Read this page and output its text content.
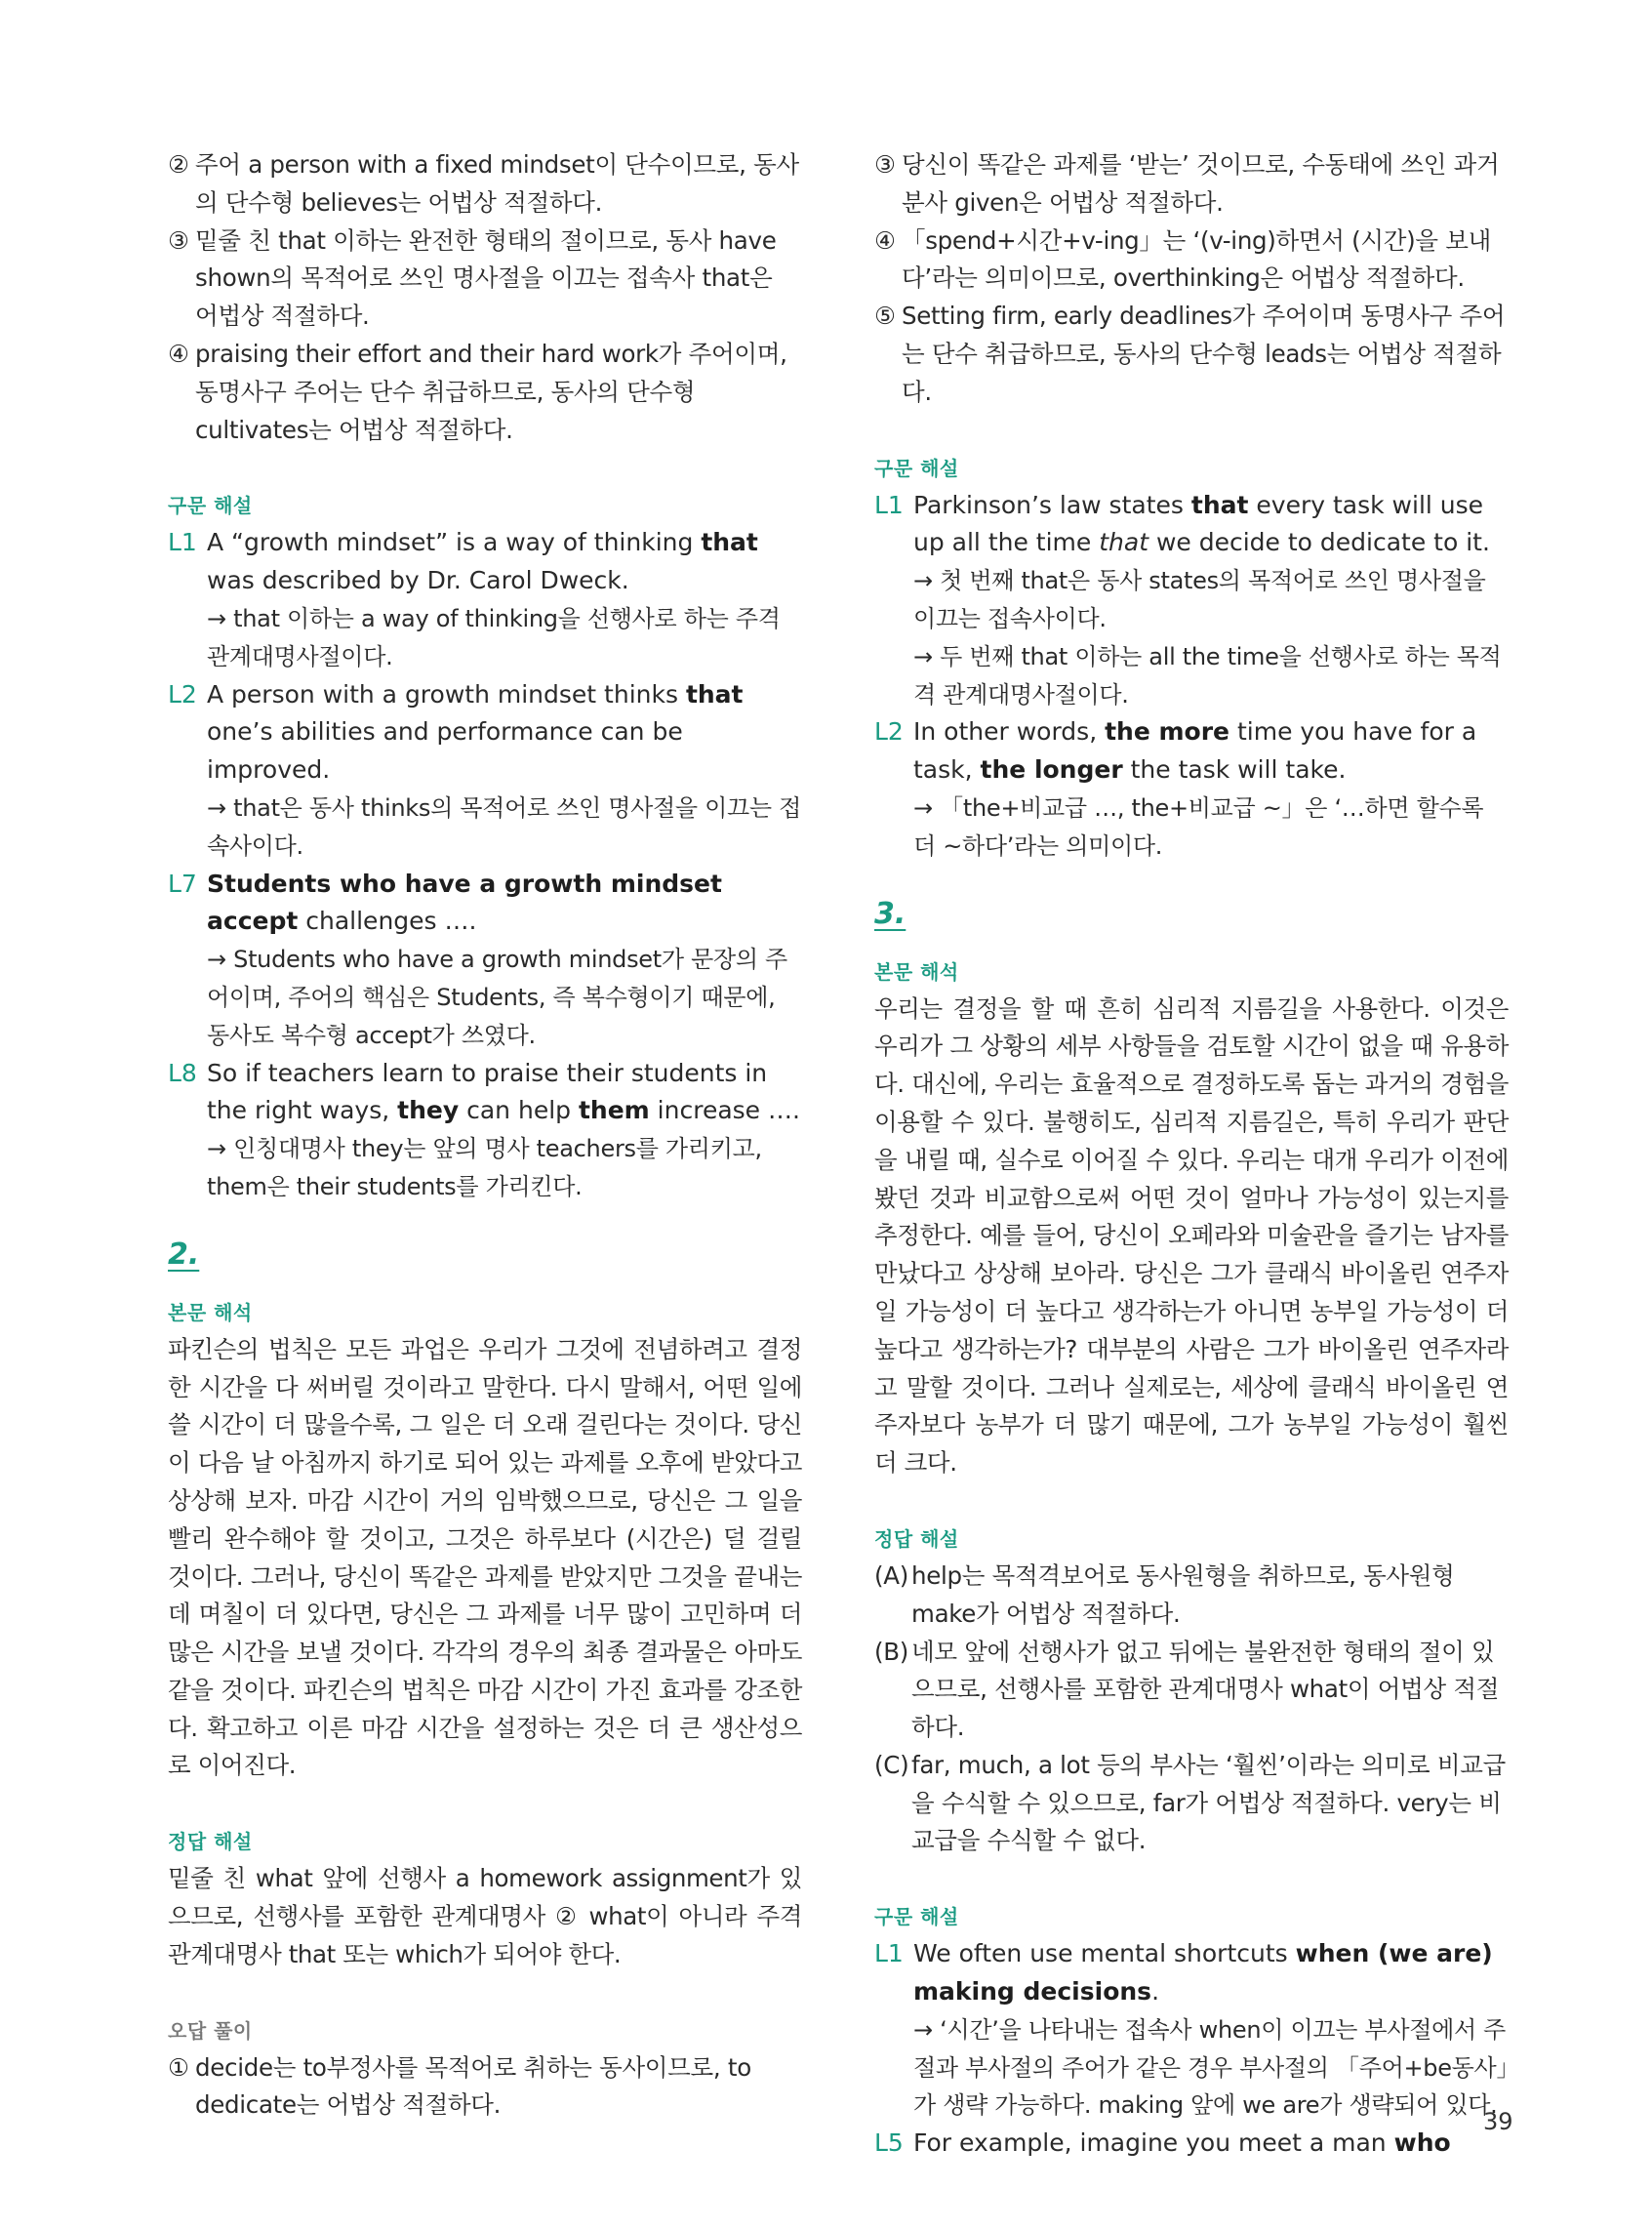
② 주어 a person with a fixed mindset이 단수이므로, 동사의 단수형 believes는 어법상 적절하다.
③ 밑줄 친 that 이하는 완전한 형태의 절이므로, 동사 have shown의 목적어로 쓰인 명사절을 이끄는 접속사 that은 어법상 적절하다.
④ praising their effort and their hard work가 주어이며, 동명사구 주어는 단수 취급하므로, 동사의 단수형 cultivates는 어법상 적절하다.
구문 해설
L1 A “growth mindset” is a way of thinking that was described by Dr. Carol Dweck.
→ that 이하는 a way of thinking을 선행사로 하는 주격 관계대명사절이다.
L2 A person with a growth mindset thinks that one’s abilities and performance can be improved.
→ that은 동사 thinks의 목적어로 쓰인 명사절을 이끄는 접속사이다.
L7 Students who have a growth mindset accept challenges ….
→ Students who have a growth mindset가 문장의 주어이며, 주어의 핵심은 Students, 즉 복수형이기 때문에, 동사도 복수형 accept가 쓰였다.
L8 So if teachers learn to praise their students in the right ways, they can help them increase ….
→ 인칭대명사 they는 앞의 명사 teachers를 가리키고, them은 their students를 가리킨다.
2.
본문 해석
파킨슨의 법칙은 모든 과업은 우리가 그것에 전념하려고 결정한 시간을 다 써버릴 것이라고 말한다. 다시 말해서, 어떤 일에 쓸 시간이 더 많을수록, 그 일은 더 오래 걸린다는 것이다. 당신이 다음 날 아침까지 하기로 되어 있는 과제를 오후에 받았다고 상상해 보자. 마감 시간이 거의 임박했으므로, 당신은 그 일을 빨리 완수해야 할 것이고, 그것은 하루보다 (시간은) 덜 걸릴 것이다. 그러나, 당신이 똑같은 과제를 받았지만 그것을 끝내는 데 며칠이 더 있다면, 당신은 그 과제를 너무 많이 고민하며 더 많은 시간을 보낼 것이다. 각각의 경우의 최종 결과물은 아마도 같을 것이다. 파킨슨의 법칙은 마감 시간이 가진 효과를 강조한다. 확고하고 이른 마감 시간을 설정하는 것은 더 큰 생산성으로 이어진다.
정답 해설
밑줄 친 what 앞에 선행사 a homework assignment가 있으므로, 선행사를 포함한 관계대명사 ② what이 아니라 주격 관계대명사 that 또는 which가 되어야 한다.
오답 풀이
① decide는 to부정사를 목적어로 취하는 동사이므로, to dedicate는 어법상 적절하다.
③ 당신이 똑같은 과제를 ‘받는’ 것이므로, 수동태에 쓰인 과거분사 given은 어법상 적절하다.
④ 「spend+시간+v-ing」는 ‘(v-ing)하면서 (시간)을 보내다’라는 의미이므로, overthinking은 어법상 적절하다.
⑤ Setting firm, early deadlines가 주어이며 동명사구 주어는 단수 취급하므로, 동사의 단수형 leads는 어법상 적절하다.
구문 해설
L1 Parkinson’s law states that every task will use up all the time that we decide to dedicate to it.
→ 첫 번째 that은 동사 states의 목적어로 쓰인 명사절을 이끄는 접속사이다.
→ 두 번째 that 이하는 all the time을 선행사로 하는 목적격 관계대명사절이다.
L2 In other words, the more time you have for a task, the longer the task will take.
→ 「the+비교급 …, the+비교급 ~」은 ‘…하면 할수록 더 ~하다’라는 의미이다.
3.
본문 해석
우리는 결정을 할 때 흔히 심리적 지름길을 사용한다. 이것은 우리가 그 상황의 세부 사항들을 검토할 시간이 없을 때 유용하다. 대신에, 우리는 효율적으로 결정하도록 돕는 과거의 경험을 이용할 수 있다. 불행히도, 심리적 지름길은, 특히 우리가 판단을 내릴 때, 실수로 이어질 수 있다. 우리는 대개 우리가 이전에 봤던 것과 비교함으로써 어떤 것이 얼마나 가능성이 있는지를 추정한다. 예를 들어, 당신이 오페라와 미술관을 즐기는 남자를 만났다고 상상해 보아라. 당신은 그가 클래식 바이올린 연주자일 가능성이 더 높다고 생각하는가 아니면 농부일 가능성이 더 높다고 생각하는가? 대부분의 사람은 그가 바이올린 연주자라고 말할 것이다. 그러나 실제로는, 세상에 클래식 바이올린 연주자보다 농부가 더 많기 때문에, 그가 농부일 가능성이 훨씬 더 크다.
정답 해설
(A) help는 목적격보어로 동사원형을 취하므로, 동사원형 make가 어법상 적절하다.
(B) 네모 앞에 선행사가 없고 뒤에는 불완전한 형태의 절이 있으므로, 선행사를 포함한 관계대명사 what이 어법상 적절하다.
(C) far, much, a lot 등의 부사는 ‘훨씬’이라는 의미로 비교급을 수식할 수 있으므로, far가 어법상 적절하다. very는 비교급을 수식할 수 없다.
구문 해설
L1 We often use mental shortcuts when (we are) making decisions.
→ ‘시간’을 나타내는 접속사 when이 이끄는 부사절에서 주절과 부사절의 주어가 같은 경우 부사절의 「주어+be동사」가 생략 가능하다. making 앞에 we are가 생략되어 있다.
L5 For example, imagine you meet a man who
39
